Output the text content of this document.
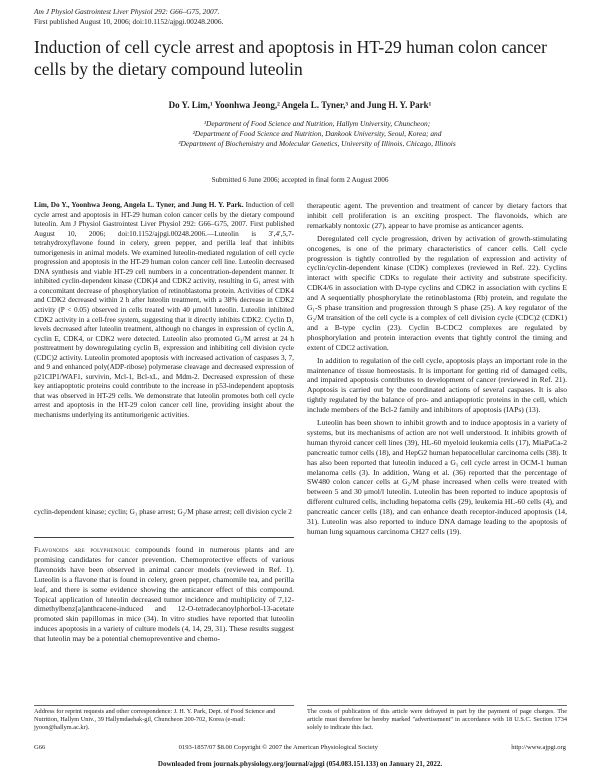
Am J Physiol Gastrointest Liver Physiol 292: G66–G75, 2007.
First published August 10, 2006; doi:10.1152/ajpgi.00248.2006.
Induction of cell cycle arrest and apoptosis in HT-29 human colon cancer cells by the dietary compound luteolin
Do Y. Lim,¹ Yoonhwa Jeong,² Angela L. Tyner,³ and Jung H. Y. Park¹
¹Department of Food Science and Nutrition, Hallym University, Chuncheon;
²Department of Food Science and Nutrition, Dankook University, Seoul, Korea; and
³Department of Biochemistry and Molecular Genetics, University of Illinois, Chicago, Illinois
Submitted 6 June 2006; accepted in final form 2 August 2006

Lim, Do Y., Yoonhwa Jeong, Angela L. Tyner, and Jung H. Y. Park. Induction of cell cycle arrest and apoptosis in HT-29 human colon cancer cells by the dietary compound luteolin. Am J Physiol Gastrointest Liver Physiol 292: G66–G75, 2007. First published August 10, 2006; doi:10.1152/ajpgi.00248.2006.—Luteolin is 3′,4′,5,7-tetrahydroxyflavone found in celery, green pepper, and perilla leaf that inhibits tumorigenesis in animal models. We examined luteolin-mediated regulation of cell cycle progression and apoptosis in the HT-29 human colon cancer cell line. Luteolin decreased DNA synthesis and viable HT-29 cell numbers in a concentration-dependent manner. It inhibited cyclin-dependent kinase (CDK)4 and CDK2 activity, resulting in G₁ arrest with a concomitant decrease of phosphorylation of retinoblastoma protein. Activities of CDK4 and CDK2 decreased within 2 h after luteolin treatment, with a 38% decrease in CDK2 activity (P < 0.05) observed in cells treated with 40 μmol/l luteolin. Luteolin inhibited CDK2 activity in a cell-free system, suggesting that it directly inhibits CDK2. Cyclin D₁ levels decreased after luteolin treatment, although no changes in expression of cyclin A, cyclin E, CDK4, or CDK2 were detected. Luteolin also promoted G₂/M arrest at 24 h posttreatment by downregulating cyclin B₁ expression and inhibiting cell division cycle (CDC)2 activity. Luteolin promoted apoptosis with increased activation of caspases 3, 7, and 9 and enhanced poly(ADP-ribose) polymerase cleavage and decreased expression of p21CIP1/WAF1, survivin, Mcl-1, Bcl-xL, and Mdm-2. Decreased expression of these key antiapoptotic proteins could contribute to the increase in p53-independent apoptosis that was observed in HT-29 cells. We demonstrate that luteolin promotes both cell cycle arrest and apoptosis in the HT-29 colon cancer cell line, providing insight about the mechanisms underlying its antitumorigenic activities.

cyclin-dependent kinase; cyclin; G₁ phase arrest; G₂/M phase arrest; cell division cycle 2
Flavonoids are polyphenolic compounds found in numerous plants and are promising candidates for cancer prevention. Chemoprotective effects of various flavonoids have been observed in animal cancer models (reviewed in Ref. 1). Luteolin is a flavone that is found in celery, green pepper, chamomile tea, and perilla leaf, and there is some evidence showing the anticancer effect of this compound. Topical application of luteolin decreased tumor incidence and multiplicity of 7,12-dimethylbenz[a]anthracene-induced and 12-O-tetradecanoylphorbol-13-acetate promoted skin papillomas in mice (34). In vitro studies have reported that luteolin induces apoptosis in a variety of culture models (4, 14, 29, 31). These results suggest that luteolin may be a potential chemopreventive and chemo-

therapeutic agent. The prevention and treatment of cancer by dietary factors that inhibit cell proliferation is an exciting prospect. The flavonoids, which are remarkably nontoxic (27), appear to have promise as anticancer agents.

Deregulated cell cycle progression, driven by activation of growth-stimulating oncogenes, is one of the primary characteristics of cancer cells. Cell cycle progression is tightly controlled by the regulation of expression and activity of cyclin/cyclin-dependent kinase (CDK) complexes (reviewed in Ref. 22). Cyclins interact with specific CDKs to regulate their activity and substrate specificity. CDK4/6 in association with D-type cyclins and CDK2 in association with cyclins E and A sequentially phosphorylate the retinoblastoma (Rb) protein, and regulate the G₁-S phase transition and progression through S phase (25). A key regulator of the G₂/M transition of the cell cycle is a complex of cell division cycle (CDC)2 (CDK1) and a B-type cyclin (23). Cyclin B-CDC2 complexes are regulated by phosphorylation and protein interaction events that tightly control the timing and extent of CDC2 activation.

In addition to regulation of the cell cycle, apoptosis plays an important role in the maintenance of tissue homeostasis. It is important for getting rid of damaged cells, and impaired apoptosis contributes to development of cancer (reviewed in Ref. 21). Apoptosis is carried out by the coordinated actions of several caspases. It is also tightly regulated by the balance of pro- and antiapoptotic proteins in the cell, which include members of the Bcl-2 family and inhibitors of apoptosis (IAPs) (13).

Luteolin has been shown to inhibit growth and to induce apoptosis in a variety of systems, but its mechanisms of action are not well understood. It inhibits growth of human thyroid cancer cell lines (39), HL-60 myeloid leukemia cells (17), MiaPaCa-2 pancreatic tumor cells (18), and HepG2 human hepatocellular carcinoma cells (38). It has also been reported that luteolin induced a G₁ cell cycle arrest in OCM-1 human melanoma cells (3). In addition, Wang et al. (36) reported that the percentage of SW480 colon cancer cells at G₂/M phase increased when cells were treated with between 5 and 30 μmol/l luteolin. Luteolin has been reported to induce apoptosis of different cultured cells, including hepatoma cells (29), leukemia HL-60 cells (4), and pancreatic cancer cells (18), and can enhance death receptor-induced apoptosis (14, 31). Luteolin was also reported to induce DNA damage leading to the apoptosis of human lung squamous carcinoma CH27 cells (19).

Address for reprint requests and other correspondence: J. H. Y. Park, Dept. of Food Science and Nutrition, Hallym Univ., 39 Hallymdaehak-gil, Chuncheon 200-702, Korea (e-mail: jyoon@hallym.ac.kr).
The costs of publication of this article were defrayed in part by the payment of page charges. The article must therefore be hereby marked "advertisement" in accordance with 18 U.S.C. Section 1734 solely to indicate this fact.
G66	0193-1857/07 $8.00 Copyright © 2007 the American Physiological Society	http://www.ajpgi.org
Downloaded from journals.physiology.org/journal/ajpgi (054.083.151.133) on January 21, 2022.
